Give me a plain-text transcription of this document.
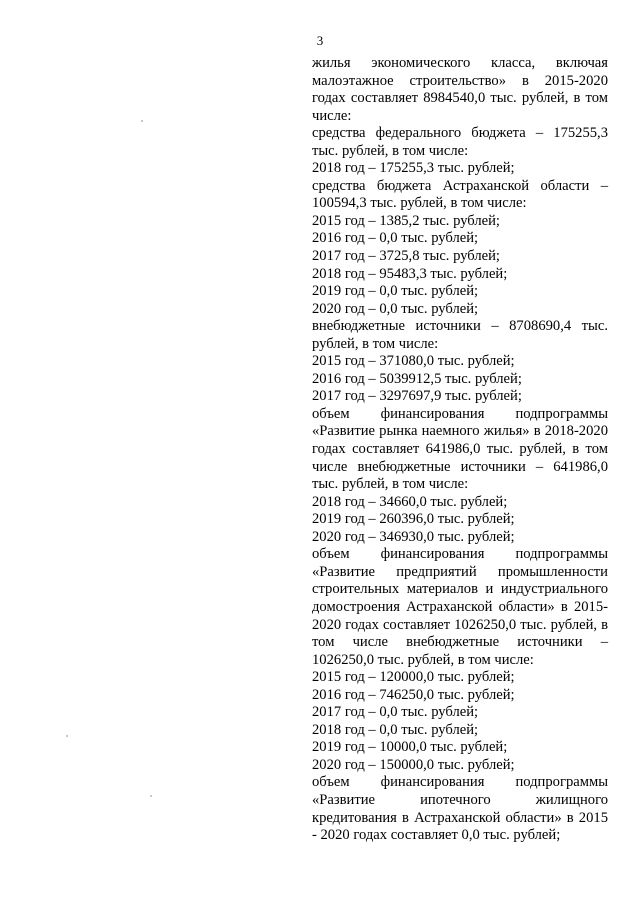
3

жилья экономического класса, включая малоэтажное строительство» в 2015-2020 годах составляет 8984540,0 тыс. рублей, в том числе:

средства федерального бюджета – 175255,3 тыс. рублей, в том числе:

2018 год – 175255,3 тыс. рублей;

средства бюджета Астраханской области – 100594,3 тыс. рублей, в том числе:

2015 год – 1385,2 тыс. рублей;

2016 год – 0,0 тыс. рублей;

2017 год – 3725,8 тыс. рублей;

2018 год – 95483,3 тыс. рублей;

2019 год – 0,0 тыс. рублей;

2020 год – 0,0 тыс. рублей;

внебюджетные источники – 8708690,4 тыс. рублей, в том числе:

2015 год – 371080,0 тыс. рублей;

2016 год – 5039912,5 тыс. рублей;

2017 год – 3297697,9 тыс. рублей;

объем финансирования подпрограммы «Развитие рынка наемного жилья» в 2018-2020 годах составляет 641986,0 тыс. рублей, в том числе внебюджетные источники – 641986,0 тыс. рублей, в том числе:

2018 год – 34660,0 тыс. рублей;

2019 год – 260396,0 тыс. рублей;

2020 год – 346930,0 тыс. рублей;

объем финансирования подпрограммы «Развитие предприятий промышленности строительных материалов и индустриального домостроения Астраханской области» в 2015-2020 годах составляет 1026250,0 тыс. рублей, в том числе внебюджетные источники – 1026250,0 тыс. рублей, в том числе:

2015 год – 120000,0 тыс. рублей;

2016 год – 746250,0 тыс. рублей;

2017 год – 0,0 тыс. рублей;

2018 год – 0,0 тыс. рублей;

2019 год – 10000,0 тыс. рублей;

2020 год – 150000,0 тыс. рублей;

объем финансирования подпрограммы «Развитие ипотечного жилищного кредитования в Астраханской области» в 2015 - 2020 годах составляет 0,0 тыс. рублей;
